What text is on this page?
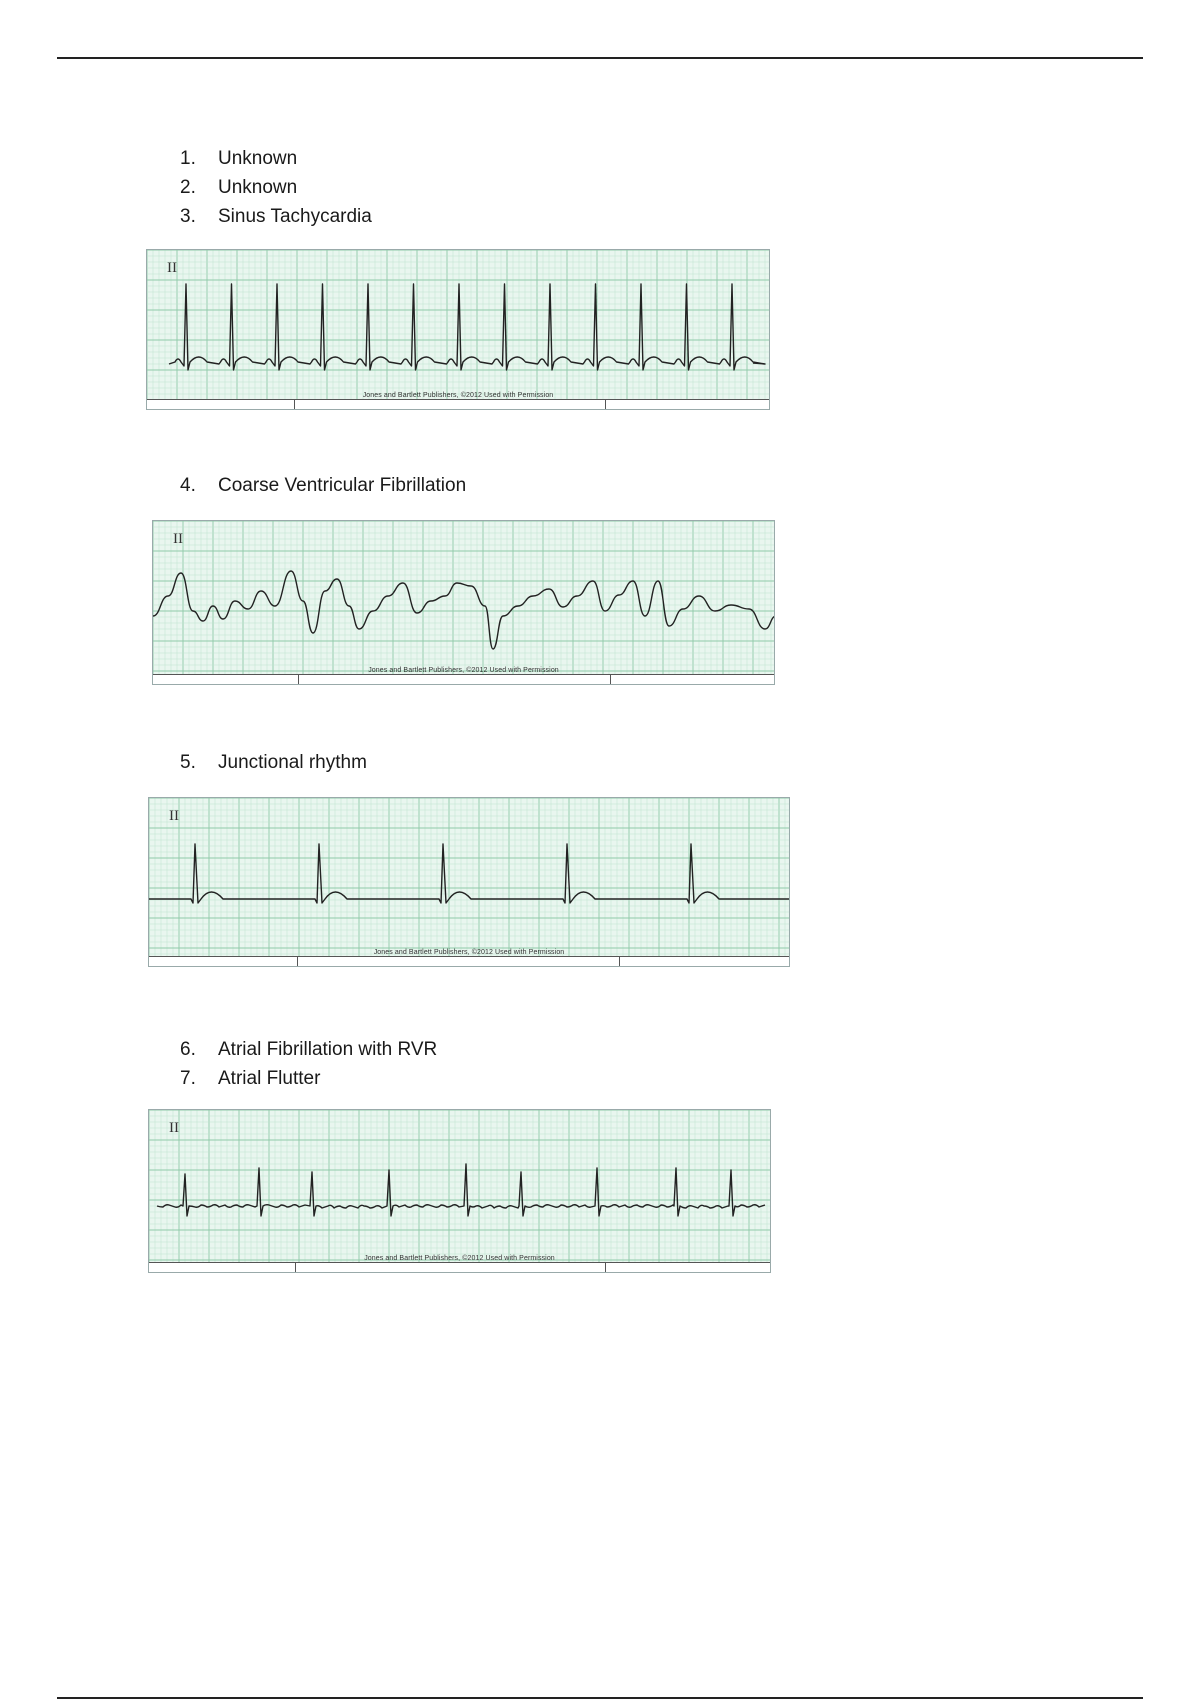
1. Unknown
2. Unknown
3. Sinus Tachycardia
II
Jones and Bartlett Publishers, ©2012 Used with Permission
4. Coarse Ventricular Fibrillation
II
Jones and Bartlett Publishers, ©2012 Used with Permission
5. Junctional rhythm
II
Jones and Bartlett Publishers, ©2012 Used with Permission
6. Atrial Fibrillation with RVR
7. Atrial Flutter
II
Jones and Bartlett Publishers, ©2012 Used with Permission
